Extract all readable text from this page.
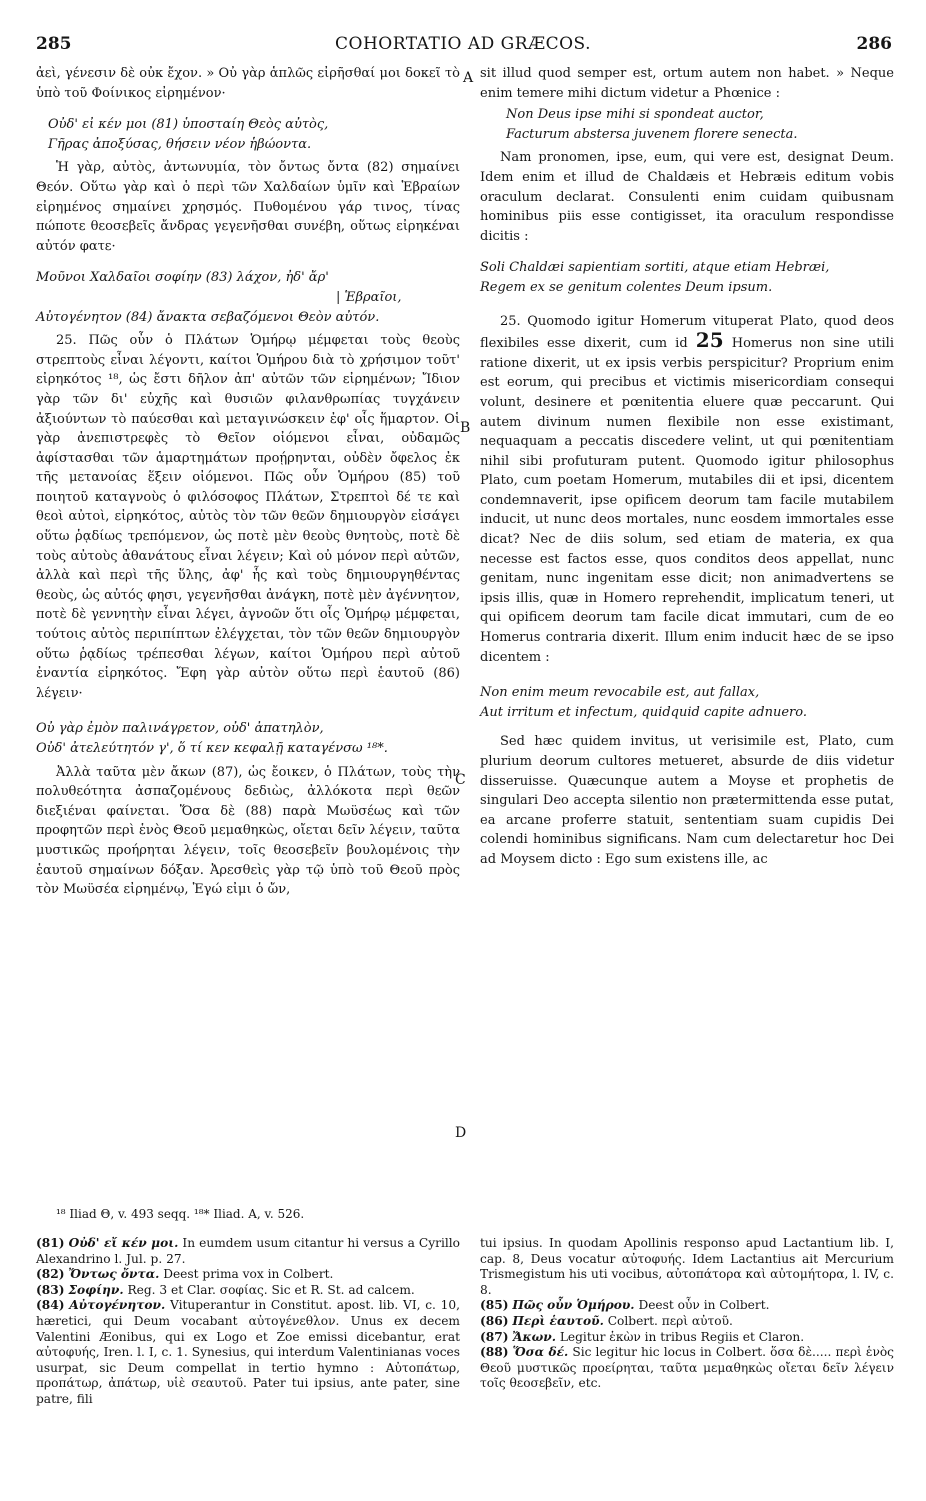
285	COHORTATIO AD GRÆCOS.	286
A
B
C
D

ἀεὶ, γένεσιν δὲ οὐκ ἔχον. » Οὐ γὰρ ἁπλῶς εἰρῆσθαί μοι δοκεῖ τὸ ὑπὸ τοῦ Φοίνικος εἰρημένον·

Οὐδ' εἰ κέν μοι (81) ὑποσταίη Θεὸς αὐτὸς,
Γῆρας ἀποξύσας, θήσειν νέον ἡβώοντα.

Ἡ γὰρ, αὐτὸς, ἀντωνυμία, τὸν ὄντως ὄντα (82) σημαίνει Θεόν. Οὕτω γὰρ καὶ ὁ περὶ τῶν Χαλδαίων ὑμῖν καὶ Ἑβραίων εἰρημένος σημαίνει χρησμός. Πυθομένου γάρ τινος, τίνας πώποτε θεοσεβεῖς ἄνδρας γεγενῆσθαι συνέβη, οὕτως εἰρηκέναι αὐτόν φατε·

Μοῦνοι Χαλδαῖοι σοφίην (83) λάχον, ἠδ' ἄρ'
| Ἑβραῖοι,
Αὐτογένητον (84) ἄνακτα σεβαζόμενοι Θεὸν αὐτόν.

25. Πῶς οὖν ὁ Πλάτων Ὁμήρῳ μέμφεται τοὺς θεοὺς στρεπτοὺς εἶναι λέγοντι, καίτοι Ὁμήρου διὰ τὸ χρήσιμον τοῦτ' εἰρηκότος ¹⁸, ὡς ἔστι δῆλον ἀπ' αὐτῶν τῶν εἰρημένων; Ἴδιον γὰρ τῶν δι' εὐχῆς καὶ θυσιῶν φιλανθρωπίας τυγχάνειν ἀξιούντων τὸ παύεσθαι καὶ μεταγινώσκειν ἐφ' οἷς ἥμαρτον. Οἱ γὰρ ἀνεπιστρεφὲς τὸ Θεῖον οἰόμενοι εἶναι, οὐδαμῶς ἀφίστασθαι τῶν ἁμαρτημάτων προῄρηνται, οὐδὲν ὄφελος ἐκ τῆς μετανοίας ἕξειν οἰόμενοι. Πῶς οὖν Ὁμήρου (85) τοῦ ποιητοῦ καταγνοὺς ὁ φιλόσοφος Πλάτων, Στρεπτοὶ δέ τε καὶ θεοὶ αὐτοὶ, εἰρηκότος, αὐτὸς τὸν τῶν θεῶν δημιουργὸν εἰσάγει οὕτω ῥᾳδίως τρεπόμενον, ὡς ποτὲ μὲν θεοὺς θνητοὺς, ποτὲ δὲ τοὺς αὐτοὺς ἀθανάτους εἶναι λέγειν; Καὶ οὐ μόνον περὶ αὐτῶν, ἀλλὰ καὶ περὶ τῆς ὕλης, ἀφ' ἧς καὶ τοὺς δημιουργηθέντας θεοὺς, ὡς αὐτός φησι, γεγενῆσθαι ἀνάγκη, ποτὲ μὲν ἀγέννητον, ποτὲ δὲ γεννητὴν εἶναι λέγει, ἀγνοῶν ὅτι οἷς Ὁμήρῳ μέμφεται, τούτοις αὐτὸς περιπίπτων ἐλέγχεται, τὸν τῶν θεῶν δημιουργὸν οὕτω ῥᾳδίως τρέπεσθαι λέγων, καίτοι Ὁμήρου περὶ αὐτοῦ ἐναντία εἰρηκότος. Ἔφη γὰρ αὐτὸν οὕτω περὶ ἑαυτοῦ (86) λέγειν·

Οὐ γὰρ ἐμὸν παλινάγρετον, οὐδ' ἀπατηλὸν,
Οὐδ' ἀτελεύτητόν γ', ὅ τί κεν κεφαλῇ καταγένσω ¹⁸*.

Ἀλλὰ ταῦτα μὲν ἄκων (87), ὡς ἔοικεν, ὁ Πλάτων, τοὺς τὴν πολυθεότητα ἀσπαζομένους δεδιὼς, ἀλλόκοτα περὶ θεῶν διεξιέναι φαίνεται. Ὅσα δὲ (88) παρὰ Μωϋσέως καὶ τῶν προφητῶν περὶ ἑνὸς Θεοῦ μεμαθηκὼς, οἴεται δεῖν λέγειν, ταῦτα μυστικῶς προήρηται λέγειν, τοῖς θεοσεβεῖν βουλομένοις τὴν ἑαυτοῦ σημαίνων δόξαν. Ἀρεσθεὶς γὰρ τῷ ὑπὸ τοῦ Θεοῦ πρὸς τὸν Μωϋσέα εἰρημένῳ, Ἐγώ εἰμι ὁ ὤν,

sit illud quod semper est, ortum autem non habet. » Neque enim temere mihi dictum videtur a Phœnice :

Non Deus ipse mihi si spondeat auctor,
Facturum abstersa juvenem florere senecta.

Nam pronomen, ipse, eum, qui vere est, designat Deum. Idem enim et illud de Chaldæis et Hebræis editum vobis oraculum declarat. Consulenti enim cuidam quibusnam hominibus piis esse contigisset, ita oraculum respondisse dicitis :

Soli Chaldæi sapientiam sortiti, atque etiam Hebræi,
Regem ex se genitum colentes Deum ipsum.

25. Quomodo igitur Homerum vituperat Plato, quod deos flexibiles esse dixerit, cum id 25 Homerus non sine utili ratione dixerit, ut ex ipsis verbis perspicitur? Proprium enim est eorum, qui precibus et victimis misericordiam consequi volunt, desinere et pœnitentia eluere quæ peccarunt. Qui autem divinum numen flexibile non esse existimant, nequaquam a peccatis discedere velint, ut qui pœnitentiam nihil sibi profuturam putent. Quomodo igitur philosophus Plato, cum poetam Homerum, mutabiles dii et ipsi, dicentem condemnaverit, ipse opificem deorum tam facile mutabilem inducit, ut nunc deos mortales, nunc eosdem immortales esse dicat? Nec de diis solum, sed etiam de materia, ex qua necesse est factos esse, quos conditos deos appellat, nunc genitam, nunc ingenitam esse dicit; non animadvertens se ipsis illis, quæ in Homero reprehendit, implicatum teneri, ut qui opificem deorum tam facile dicat immutari, cum de eo Homerus contraria dixerit. Illum enim inducit hæc de se ipso dicentem :

Non enim meum revocabile est, aut fallax,
Aut irritum et infectum, quidquid capite adnuero.

Sed hæc quidem invitus, ut verisimile est, Plato, cum plurium deorum cultores metueret, absurde de diis videtur disseruisse. Quæcunque autem a Moyse et prophetis de singulari Deo accepta silentio non prætermittenda esse putat, ea arcane proferre statuit, sententiam suam cupidis Dei colendi hominibus significans. Nam cum delectaretur hoc Dei ad Moysem dicto : Ego sum existens ille, ac

¹⁸ Iliad Θ, v. 493 seqq. ¹⁸* Iliad. A, v. 526.

(81) Οὐδ' εἴ κέν μοι. In eumdem usum citantur hi versus a Cyrillo Alexandrino l. Jul. p. 27.

(82) Ὄντως ὄντα. Deest prima vox in Colbert.

(83) Σοφίην. Reg. 3 et Clar. σοφίας. Sic et R. St. ad calcem.

(84) Αὐτογένητον. Vituperantur in Constitut. apost. lib. VI, c. 10, hæretici, qui Deum vocabant αὐτογένεθλον. Unus ex decem Valentini Æonibus, qui ex Logo et Zoe emissi dicebantur, erat αὐτοφυής, Iren. l. I, c. 1. Synesius, qui interdum Valentinianas voces usurpat, sic Deum compellat in tertio hymno : Αὐτοπάτωρ, προπάτωρ, ἀπάτωρ, υἱὲ σεαυτοῦ. Pater tui ipsius, ante pater, sine patre, fili

tui ipsius. In quodam Apollinis responso apud Lactantium lib. I, cap. 8, Deus vocatur αὐτοφυής. Idem Lactantius ait Mercurium Trismegistum his uti vocibus, αὐτοπάτορα καὶ αὐτομήτορα, l. IV, c. 8.

(85) Πῶς οὖν Ὁμήρου. Deest οὖν in Colbert.

(86) Περὶ ἑαυτοῦ. Colbert. περὶ αὐτοῦ.

(87) Ἄκων. Legitur ἑκὼν in tribus Regiis et Claron.

(88) Ὅσα δέ. Sic legitur hic locus in Colbert. ὅσα δὲ..... περὶ ἑνὸς Θεοῦ μυστικῶς προείρηται, ταῦτα μεμαθηκὼς οἴεται δεῖν λέγειν τοῖς θεοσεβεῖν, etc.
